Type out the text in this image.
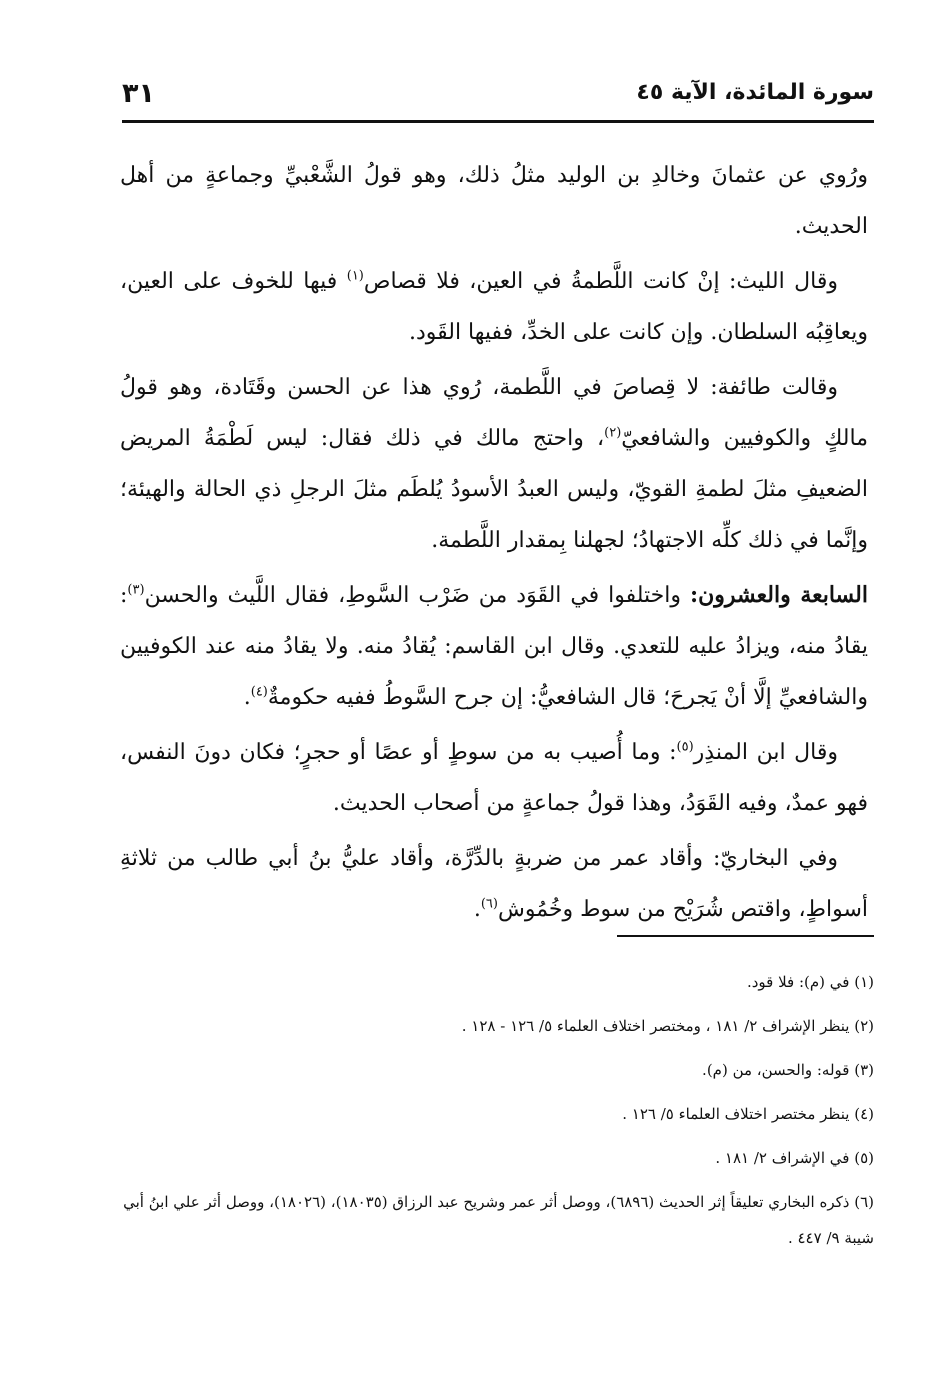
سورة المائدة، الآية ٤٥
٣١

ورُوي عن عثمانَ وخالدِ بن الوليد مثلُ ذلك، وهو قولُ الشَّعْبيِّ وجماعةٍ من أهل الحديث.

وقال الليث: إنْ كانت اللَّطمةُ في العين، فلا قصاص$^{(١)}$ فيها للخوف على العين، ويعاقِبُه السلطان. وإن كانت على الخدِّ، ففيها القَود.

وقالت طائفة: لا قِصاصَ في اللَّطمة، رُوي هذا عن الحسن وقَتَادة، وهو قولُ مالكٍ والكوفيين والشافعيّ$^{(٢)}$، واحتج مالك في ذلك فقال: ليس لَطْمَةُ المريض الضعيفِ مثلَ لطمةِ القويّ، وليس العبدُ الأسودُ يُلطَم مثلَ الرجلِ ذي الحالة والهيئة؛ وإنَّما في ذلك كلِّه الاجتهادُ؛ لجهلنا بِمقدار اللَّطمة.

السابعة والعشرون: واختلفوا في القَوَد من ضَرْب السَّوطِ، فقال اللَّيث والحسن$^{(٣)}$: يقادُ منه، ويزادُ عليه للتعدي. وقال ابن القاسم: يُقادُ منه. ولا يقادُ منه عند الكوفيين والشافعيِّ إلَّا أنْ يَجرحَ؛ قال الشافعيُّ: إن جرح السَّوطُ ففيه حكومةٌ$^{(٤)}$.

وقال ابن المنذِر$^{(٥)}$: وما أُصيب به من سوطٍ أو عصًا أو حجرٍ؛ فكان دونَ النفس، فهو عمدٌ، وفيه القَوَدُ، وهذا قولُ جماعةٍ من أصحاب الحديث.

وفي البخاريّ: وأقاد عمر من ضربةٍ بالدِّرَّة، وأقاد عليُّ بنُ أبي طالب من ثلاثةِ أسواطٍ، واقتص شُرَيْح من سوط وخُمُوش$^{(٦)}$.

(١) في (م): فلا قود.
(٢) ينظر الإشراف ٢/ ١٨١ ، ومختصر اختلاف العلماء ٥/ ١٢٦ - ١٢٨ .
(٣) قوله: والحسن، من (م).
(٤) ينظر مختصر اختلاف العلماء ٥/ ١٢٦ .
(٥) في الإشراف ٢/ ١٨١ .
(٦) ذكره البخاري تعليقاً إثر الحديث (٦٨٩٦)، ووصل أثر عمر وشريح عبد الرزاق (١٨٠٣٥)، (١٨٠٢٦)، ووصل أثر علي ابنُ أبي شيبة ٩/ ٤٤٧ .
